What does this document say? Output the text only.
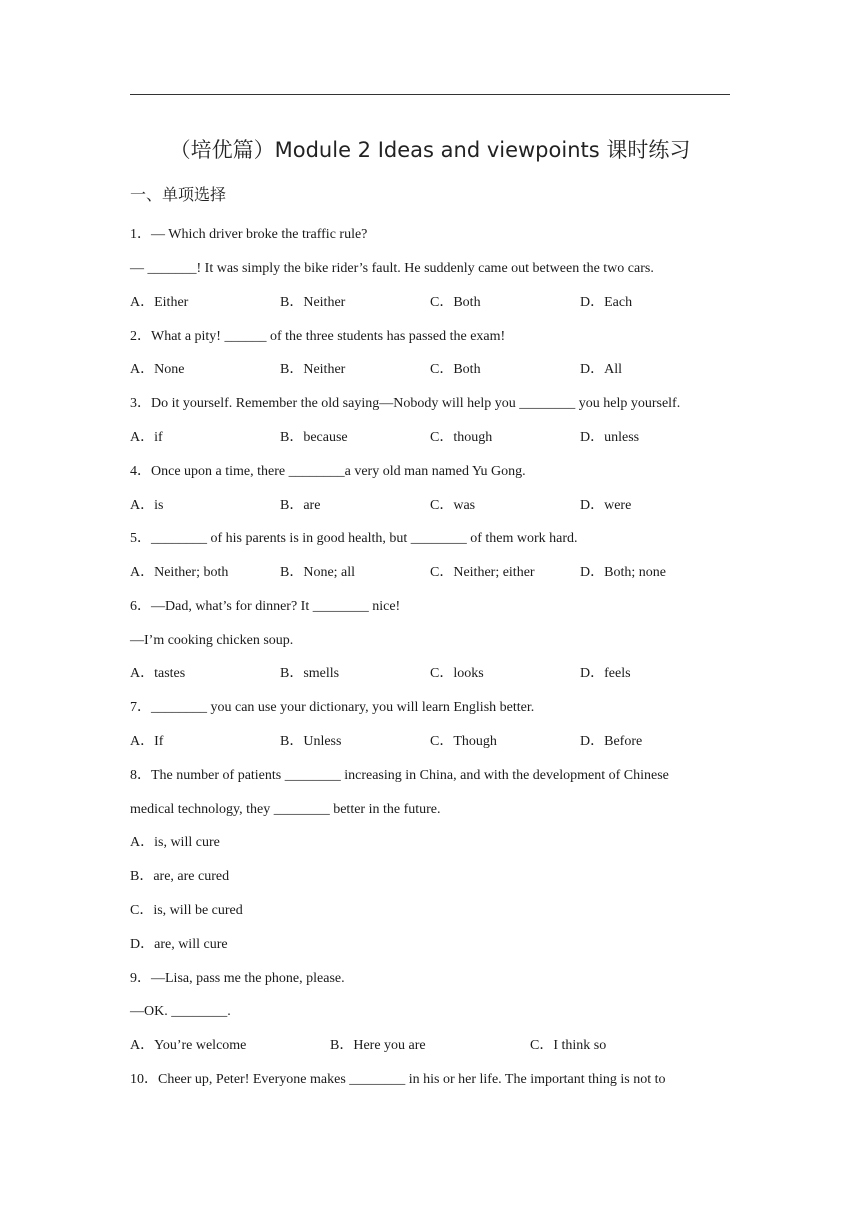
（培优篇）Module 2 Ideas and viewpoints 课时练习
一、单项选择
1．— Which driver broke the traffic rule?
— _______! It was simply the bike rider’s fault. He suddenly came out between the two cars.
A．Either	B．Neither	C．Both	D．Each
2．What a pity! ______ of the three students has passed the exam!
A．None	B．Neither	C．Both	D．All
3．Do it yourself. Remember the old saying—Nobody will help you ________ you help yourself.
A．if	B．because	C．though	D．unless
4．Once upon a time, there ________a very old man named Yu Gong.
A．is	B．are	C．was	D．were
5．________ of his parents is in good health, but ________ of them work hard.
A．Neither; both	B．None; all	C．Neither; either	D．Both; none
6．—Dad, what’s for dinner? It ________ nice!
—I’m cooking chicken soup.
A．tastes	B．smells	C．looks	D．feels
7．________ you can use your dictionary, you will learn English better.
A．If	B．Unless	C．Though	D．Before
8．The number of patients ________ increasing in China, and with the development of Chinese
medical technology, they ________ better in the future.
A．is, will cure
B．are, are cured
C．is, will be cured
D．are, will cure
9．—Lisa, pass me the phone, please.
—OK. ________.
A．You’re welcome	B．Here you are	C．I think so
10．Cheer up, Peter! Everyone makes ________ in his or her life. The important thing is not to
